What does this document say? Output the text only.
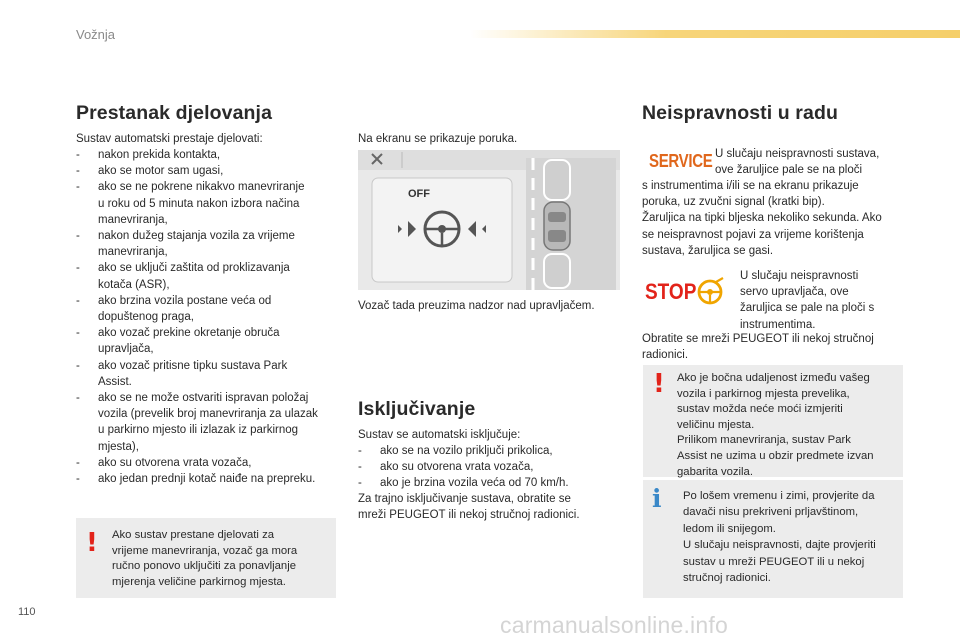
Vožnja
Prestanak djelovanja
Sustav automatski prestaje djelovati:
- nakon prekida kontakta,
- ako se motor sam ugasi,
- ako se ne pokrene nikakvo manevriranje
u roku od 5 minuta nakon izbora načina
manevriranja,
- nakon dužeg stajanja vozila za vrijeme
manevriranja,
- ako se uključi zaštita od proklizavanja
kotača (ASR),
- ako brzina vozila postane veća od
dopuštenog praga,
- ako vozač prekine okretanje obruča
upravljača,
- ako vozač pritisne tipku sustava Park
Assist.
- ako se ne može ostvariti ispravan položaj
vozila (prevelik broj manevriranja za ulazak
u parkirno mjesto ili izlazak iz parkirnog
mjesta),
- ako su otvorena vrata vozača,
- ako jedan prednji kotač naiđe na prepreku.
! Ako sustav prestane djelovati za
vrijeme manevriranja, vozač ga mora
ručno ponovo uključiti za ponavljanje
mjerenja veličine parkirnog mjesta.
Na ekranu se prikazuje poruka.
OFF
Vozač tada preuzima nadzor nad upravljačem.
Isključivanje
Sustav se automatski isključuje:
- ako se na vozilo priključi prikolica,
- ako su otvorena vrata vozača,
- ako je brzina vozila veća od 70 km/h.
Za trajno isključivanje sustava, obratite se
mreži PEUGEOT ili nekoj stručnoj radionici.
Neispravnosti u radu
SERVICE U slučaju neispravnosti sustava,
ove žaruljice pale se na ploči
s instrumentima i/ili se na ekranu prikazuje
poruka, uz zvučni signal (kratki bip).
Žaruljica na tipki bljeska nekoliko sekunda. Ako
se neispravnost pojavi za vrijeme korištenja
sustava, žaruljica se gasi.
STOP
U slučaju neispravnosti
servo upravljača, ove
žaruljica se pale na ploči s
instrumentima.
Obratite se mreži PEUGEOT ili nekoj stručnoj
radionici.
! Ako je bočna udaljenost između vašeg
vozila i parkirnog mjesta prevelika,
sustav možda neće moći izmjeriti
veličinu mjesta.
Prilikom manevriranja, sustav Park
Assist ne uzima u obzir predmete izvan
gabarita vozila.
i Po lošem vremenu i zimi, provjerite da
davači nisu prekriveni prljavštinom,
ledom ili snijegom.
U slučaju neispravnosti, dajte provjeriti
sustav u mreži PEUGEOT ili u nekoj
stručnoj radionici.
110	carmanualsonline.info
